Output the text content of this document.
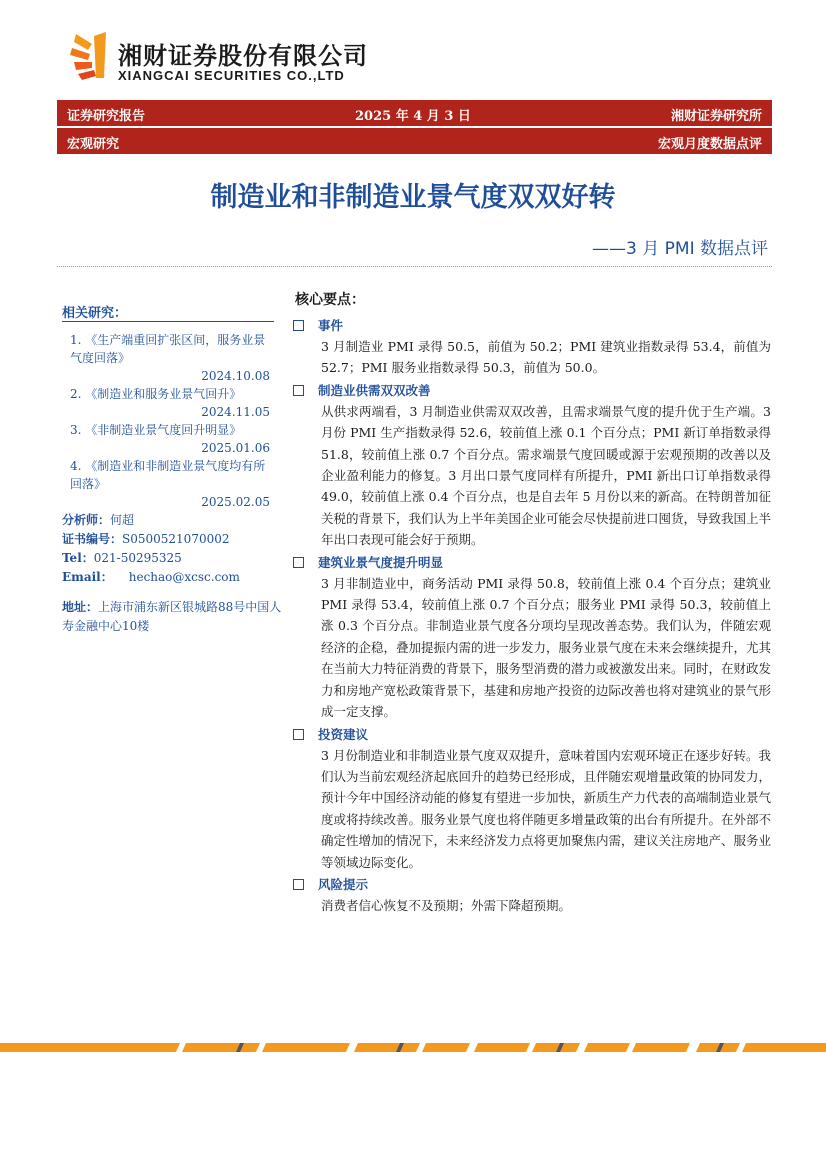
湘财证券股份有限公司
XIANGCAI SECURITIES CO.,LTD
证券研究报告	2025 年 4 月 3 日	湘财证券研究所
宏观研究	宏观月度数据点评
制造业和非制造业景气度双双好转
——3 月 PMI 数据点评
相关研究：
1. 《生产端重回扩张区间，服务业景气度回落》
2024.10.08
2. 《制造业和服务业景气回升》
2024.11.05
3. 《非制造业景气度回升明显》
2025.01.06
4. 《制造业和非制造业景气度均有所回落》
2025.02.05
分析师：何超
证书编号：S0500521070002
Tel：021-50295325
Email： hechao@xcsc.com
地址：上海市浦东新区银城路88号中国人寿金融中心10楼
核心要点：
事件
3 月制造业 PMI 录得 50.5，前值为 50.2；PMI 建筑业指数录得 53.4，前值为 52.7；PMI 服务业指数录得 50.3，前值为 50.0。
制造业供需双双改善
从供求两端看，3 月制造业供需双双改善，且需求端景气度的提升优于生产端。3 月份 PMI 生产指数录得 52.6，较前值上涨 0.1 个百分点；PMI 新订单指数录得 51.8，较前值上涨 0.7 个百分点。需求端景气度回暖或源于宏观预期的改善以及企业盈利能力的修复。3 月出口景气度同样有所提升，PMI 新出口订单指数录得 49.0，较前值上涨 0.4 个百分点，也是自去年 5 月份以来的新高。在特朗普加征关税的背景下，我们认为上半年美国企业可能会尽快提前进口囤货，导致我国上半年出口表现可能会好于预期。
建筑业景气度提升明显
3 月非制造业中，商务活动 PMI 录得 50.8，较前值上涨 0.4 个百分点；建筑业 PMI 录得 53.4，较前值上涨 0.7 个百分点；服务业 PMI 录得 50.3，较前值上涨 0.3 个百分点。非制造业景气度各分项均呈现改善态势。我们认为，伴随宏观经济的企稳，叠加提振内需的进一步发力，服务业景气度在未来会继续提升，尤其在当前大力特征消费的背景下，服务型消费的潜力或被激发出来。同时，在财政发力和房地产宽松政策背景下，基建和房地产投资的边际改善也将对建筑业的景气形成一定支撑。
投资建议
3 月份制造业和非制造业景气度双双提升，意味着国内宏观环境正在逐步好转。我们认为当前宏观经济起底回升的趋势已经形成，且伴随宏观增量政策的协同发力，预计今年中国经济动能的修复有望进一步加快，新质生产力代表的高端制造业景气度或将持续改善。服务业景气度也将伴随更多增量政策的出台有所提升。在外部不确定性增加的情况下，未来经济发力点将更加聚焦内需，建议关注房地产、服务业等领域边际变化。
风险提示
消费者信心恢复不及预期；外需下降超预期。
